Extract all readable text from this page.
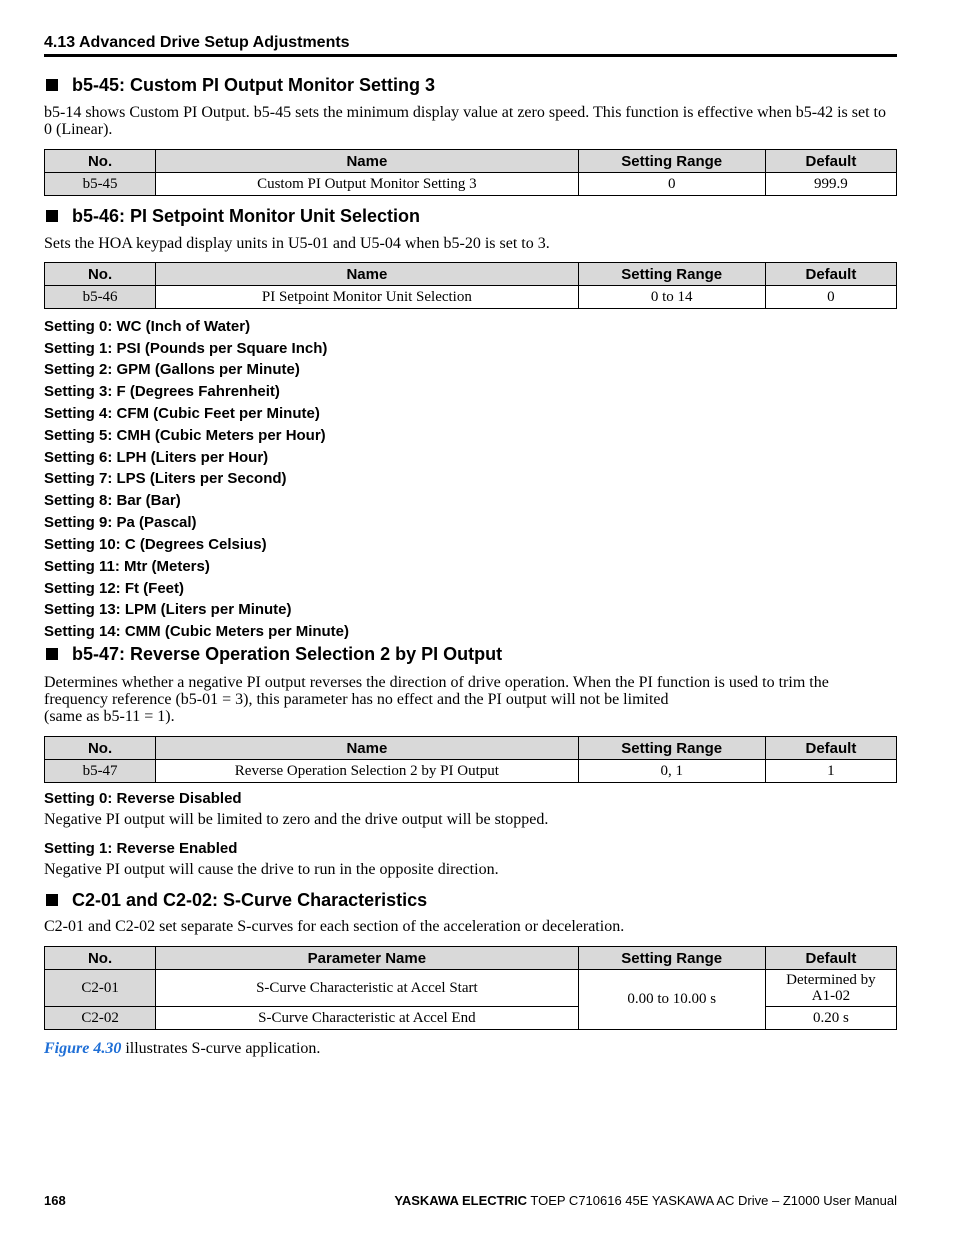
4.13 Advanced Drive Setup Adjustments
b5-45: Custom PI Output Monitor Setting 3

b5-14 shows Custom PI Output. b5-45 sets the minimum display value at zero speed. This function is effective when b5-42 is set to 0 (Linear).

No.	Name	Setting Range	Default
b5-45	Custom PI Output Monitor Setting 3	0	999.9
b5-46: PI Setpoint Monitor Unit Selection

Sets the HOA keypad display units in U5-01 and U5-04 when b5-20 is set to 3.

No.	Name	Setting Range	Default
b5-46	PI Setpoint Monitor Unit Selection	0 to 14	0
Setting 0: WC (Inch of Water)
Setting 1: PSI (Pounds per Square Inch)
Setting 2: GPM (Gallons per Minute)
Setting 3: F (Degrees Fahrenheit)
Setting 4: CFM (Cubic Feet per Minute)
Setting 5: CMH (Cubic Meters per Hour)
Setting 6: LPH (Liters per Hour)
Setting 7: LPS (Liters per Second)
Setting 8: Bar (Bar)
Setting 9: Pa (Pascal)
Setting 10: C (Degrees Celsius)
Setting 11: Mtr (Meters)
Setting 12: Ft (Feet)
Setting 13: LPM (Liters per Minute)
Setting 14: CMM (Cubic Meters per Minute)
b5-47: Reverse Operation Selection 2 by PI Output

Determines whether a negative PI output reverses the direction of drive operation. When the PI function is used to trim the

frequency reference (b5-01 = 3), this parameter has no effect and the PI output will not be limited

(same as b5-11 = 1).

No.	Name	Setting Range	Default
b5-47	Reverse Operation Selection 2 by PI Output	0, 1	1
Setting 0: Reverse Disabled
Negative PI output will be limited to zero and the drive output will be stopped.
Setting 1: Reverse Enabled
Negative PI output will cause the drive to run in the opposite direction.
C2-01 and C2-02: S-Curve Characteristics

C2-01 and C2-02 set separate S-curves for each section of the acceleration or deceleration.

No.	Parameter Name	Setting Range	Default
C2-01	S-Curve Characteristic at Accel Start	0.00 to 10.00 s	Determined by
A1-02

C2-02	S-Curve Characteristic at Accel End		0.20 s

Figure 4.30 illustrates S-curve application.

168	YASKAWA ELECTRIC TOEP C710616 45E YASKAWA AC Drive – Z1000 User Manual
